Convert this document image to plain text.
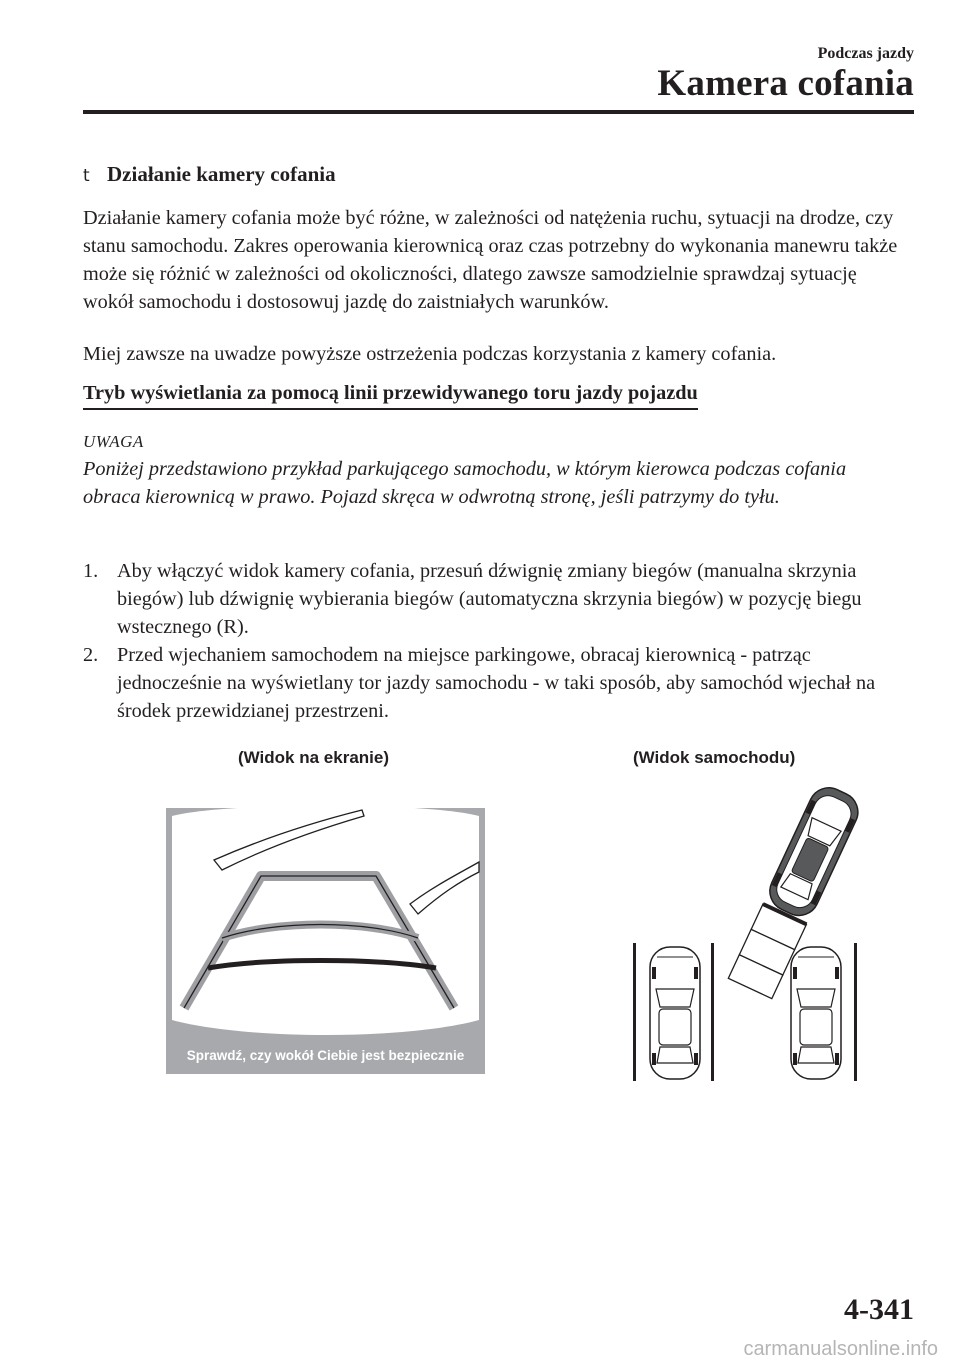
Podczas jazdy
Kamera cofania
t Działanie kamery cofania

Działanie kamery cofania może być różne, w zależności od natężenia ruchu, sytuacji na drodze, czy stanu samochodu. Zakres operowania kierownicą oraz czas potrzebny do wykonania manewru także może się różnić w zależności od okoliczności, dlatego zawsze samodzielnie sprawdzaj sytuację wokół samochodu i dostosowuj jazdę do zaistniałych warunków.

Miej zawsze na uwadze powyższe ostrzeżenia podczas korzystania z kamery cofania.

Tryb wyświetlania za pomocą linii przewidywanego toru jazdy pojazdu
UWAGA

Poniżej przedstawiono przykład parkującego samochodu, w którym kierowca podczas cofania obraca kierownicą w prawo. Pojazd skręca w odwrotną stronę, jeśli patrzymy do tyłu.

1. Aby włączyć widok kamery cofania, przesuń dźwignię zmiany biegów (manualna skrzynia biegów) lub dźwignię wybierania biegów (automatyczna skrzynia biegów) w pozycję biegu wstecznego (R).
2. Przed wjechaniem samochodem na miejsce parkingowe, obracaj kierownicą - patrząc jednocześnie na wyświetlany tor jazdy samochodu - w taki sposób, aby samochód wjechał na środek przewidzianej przestrzeni.
(Widok na ekranie)	(Widok samochodu)
Sprawdź, czy wokół Ciebie jest bezpiecznie
4-341
carmanualsonline.info
